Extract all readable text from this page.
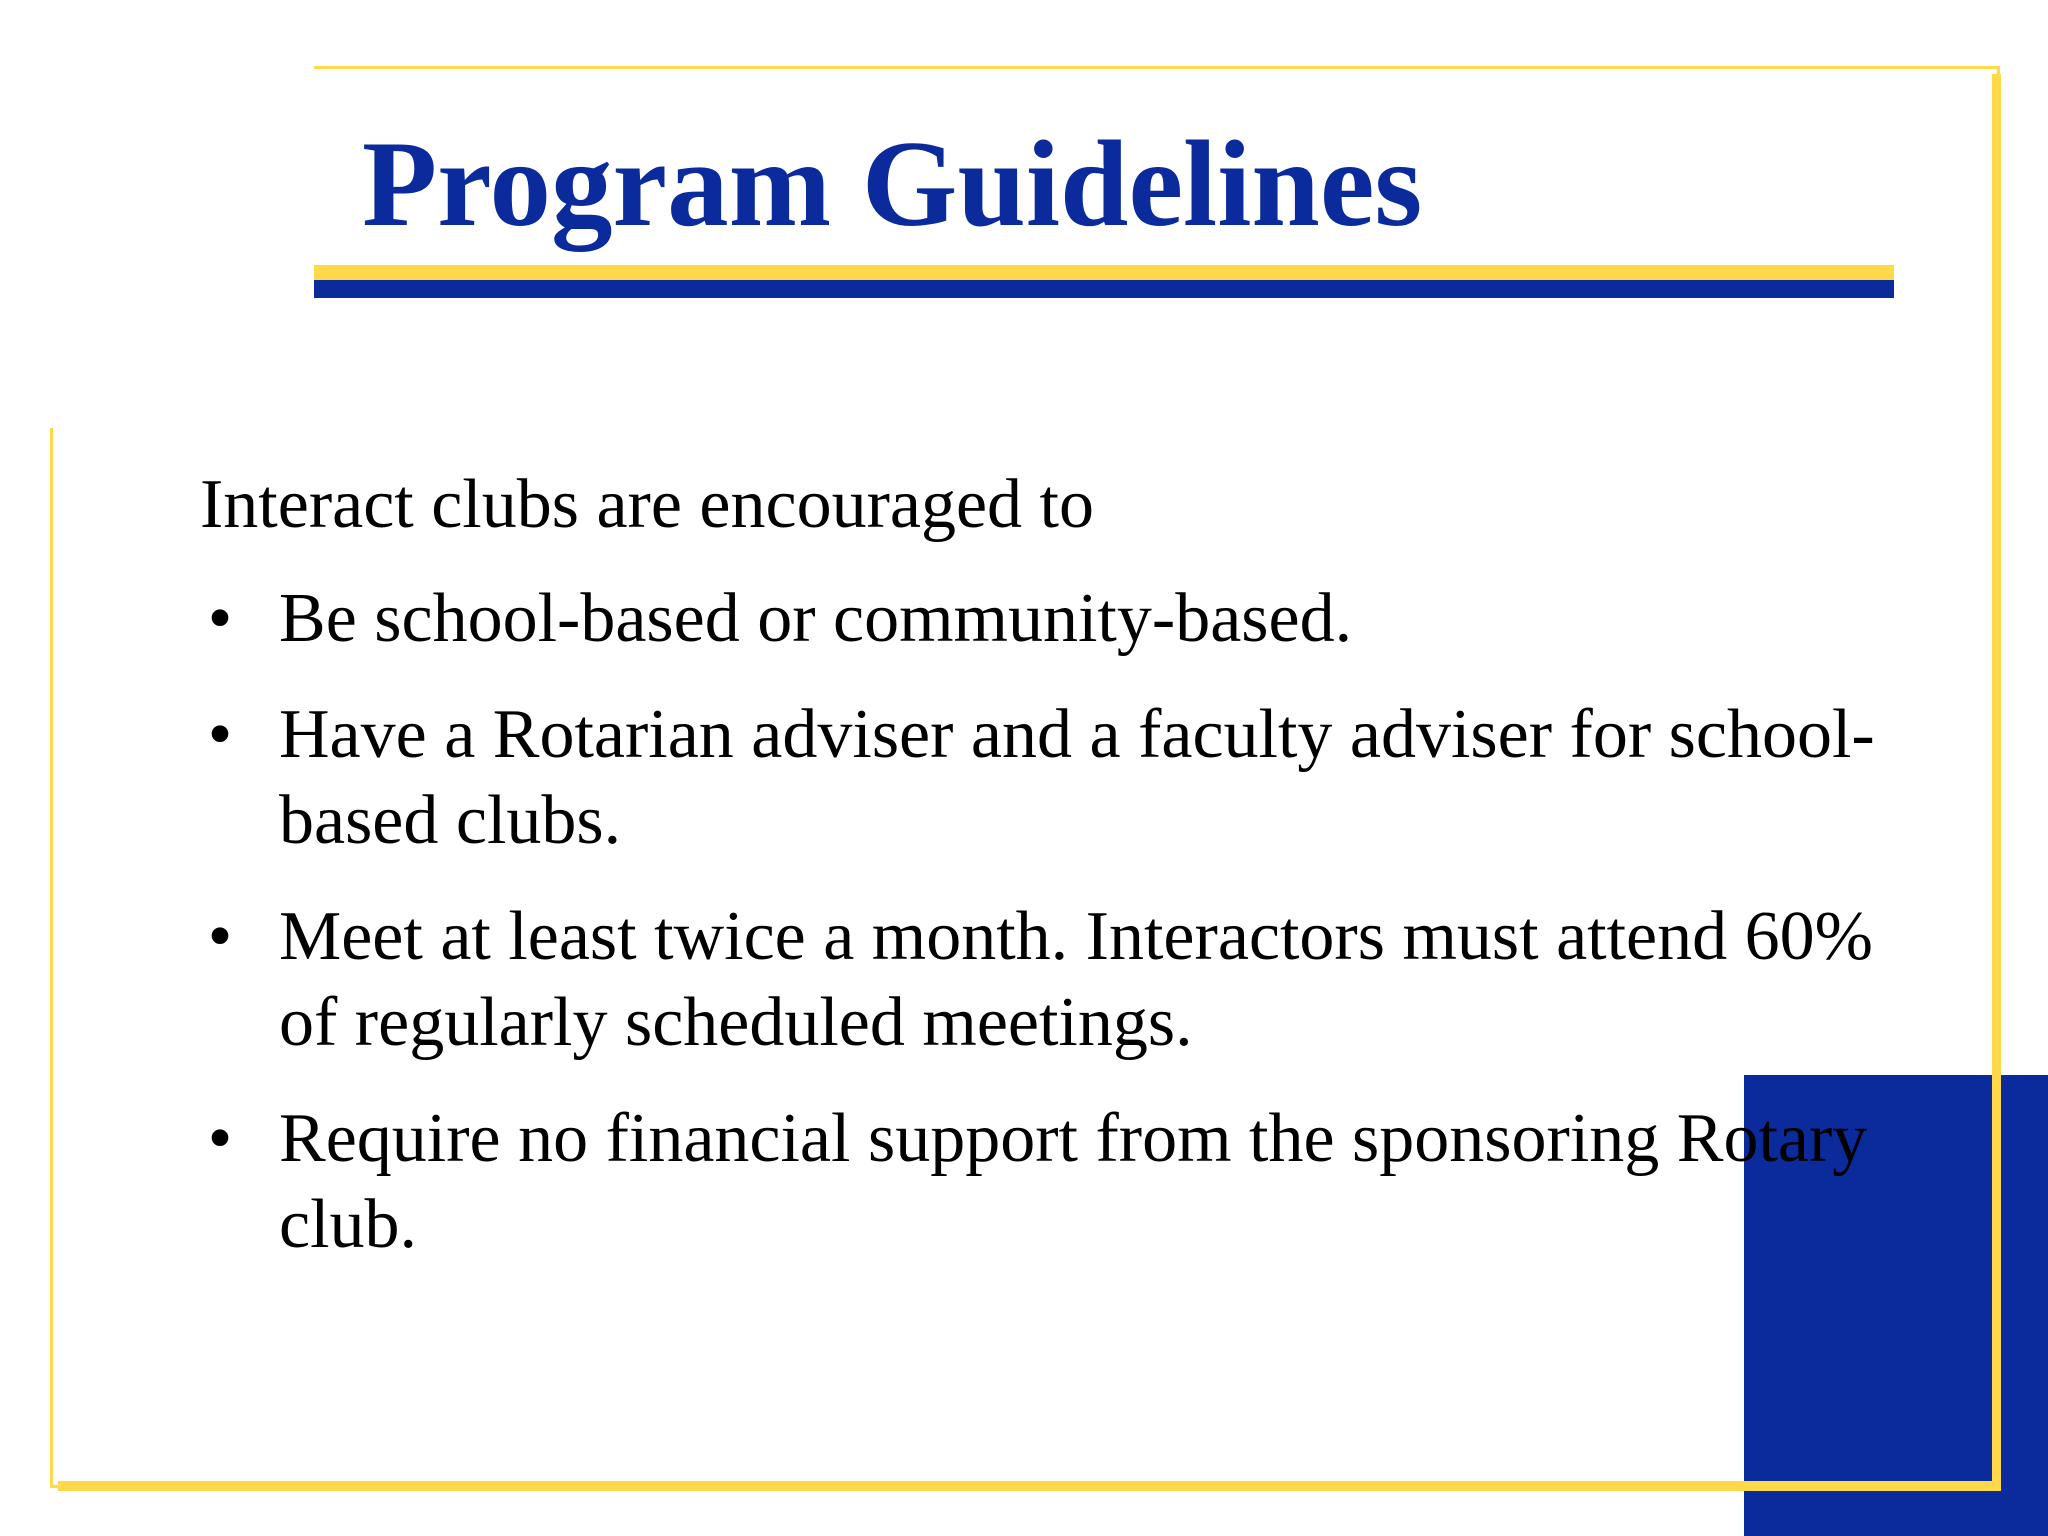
Program Guidelines

Interact clubs are encouraged to

• Be school-based or community-based.
• Have a Rotarian adviser and a faculty adviser for school-based clubs.
• Meet at least twice a month. Interactors must attend 60% of regularly scheduled meetings.
• Require no financial support from the sponsoring Rotary club.
